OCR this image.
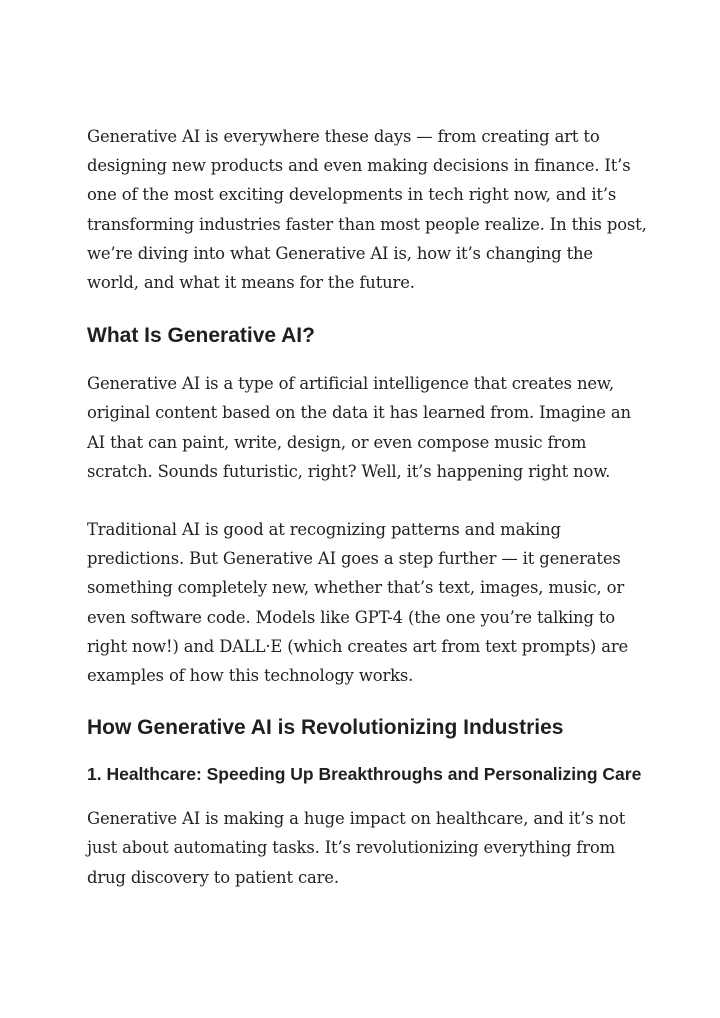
Generative AI is everywhere these days — from creating art to designing new products and even making decisions in finance. It’s one of the most exciting developments in tech right now, and it’s transforming industries faster than most people realize. In this post, we’re diving into what Generative AI is, how it’s changing the world, and what it means for the future.

What Is Generative AI?

Generative AI is a type of artificial intelligence that creates new, original content based on the data it has learned from. Imagine an AI that can paint, write, design, or even compose music from scratch. Sounds futuristic, right? Well, it’s happening right now.

Traditional AI is good at recognizing patterns and making predictions. But Generative AI goes a step further — it generates something completely new, whether that’s text, images, music, or even software code. Models like GPT-4 (the one you’re talking to right now!) and DALL·E (which creates art from text prompts) are examples of how this technology works.

How Generative AI is Revolutionizing Industries
1. Healthcare: Speeding Up Breakthroughs and Personalizing Care

Generative AI is making a huge impact on healthcare, and it’s not just about automating tasks. It’s revolutionizing everything from drug discovery to patient care.
